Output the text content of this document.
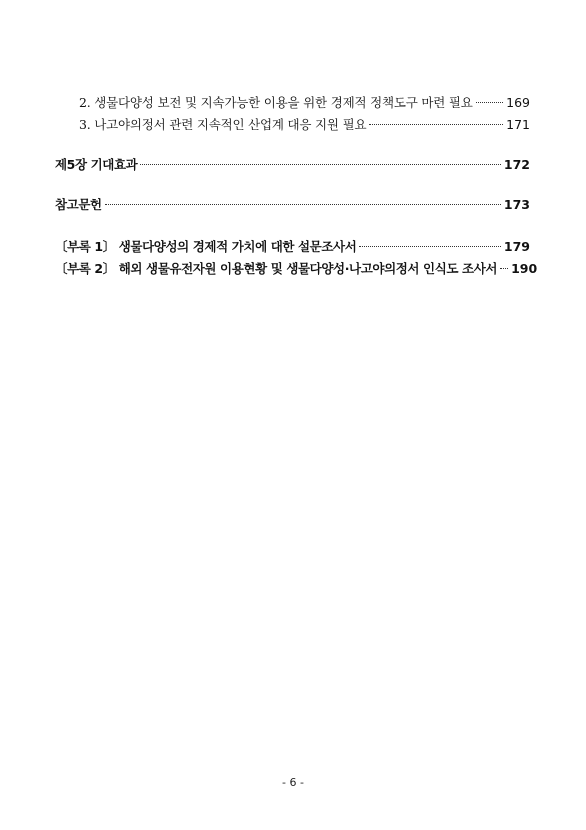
2. 생물다양성 보전 및 지속가능한 이용을 위한 경제적 정책도구 마련 필요	169
3. 나고야의정서 관련 지속적인 산업계 대응 지원 필요	171
제5장 기대효과	172
참고문헌	173
〔부록 1〕 생물다양성의 경제적 가치에 대한 설문조사서	179
〔부록 2〕 해외 생물유전자원 이용현황 및 생물다양성·나고야의정서 인식도 조사서 190
- 6 -
